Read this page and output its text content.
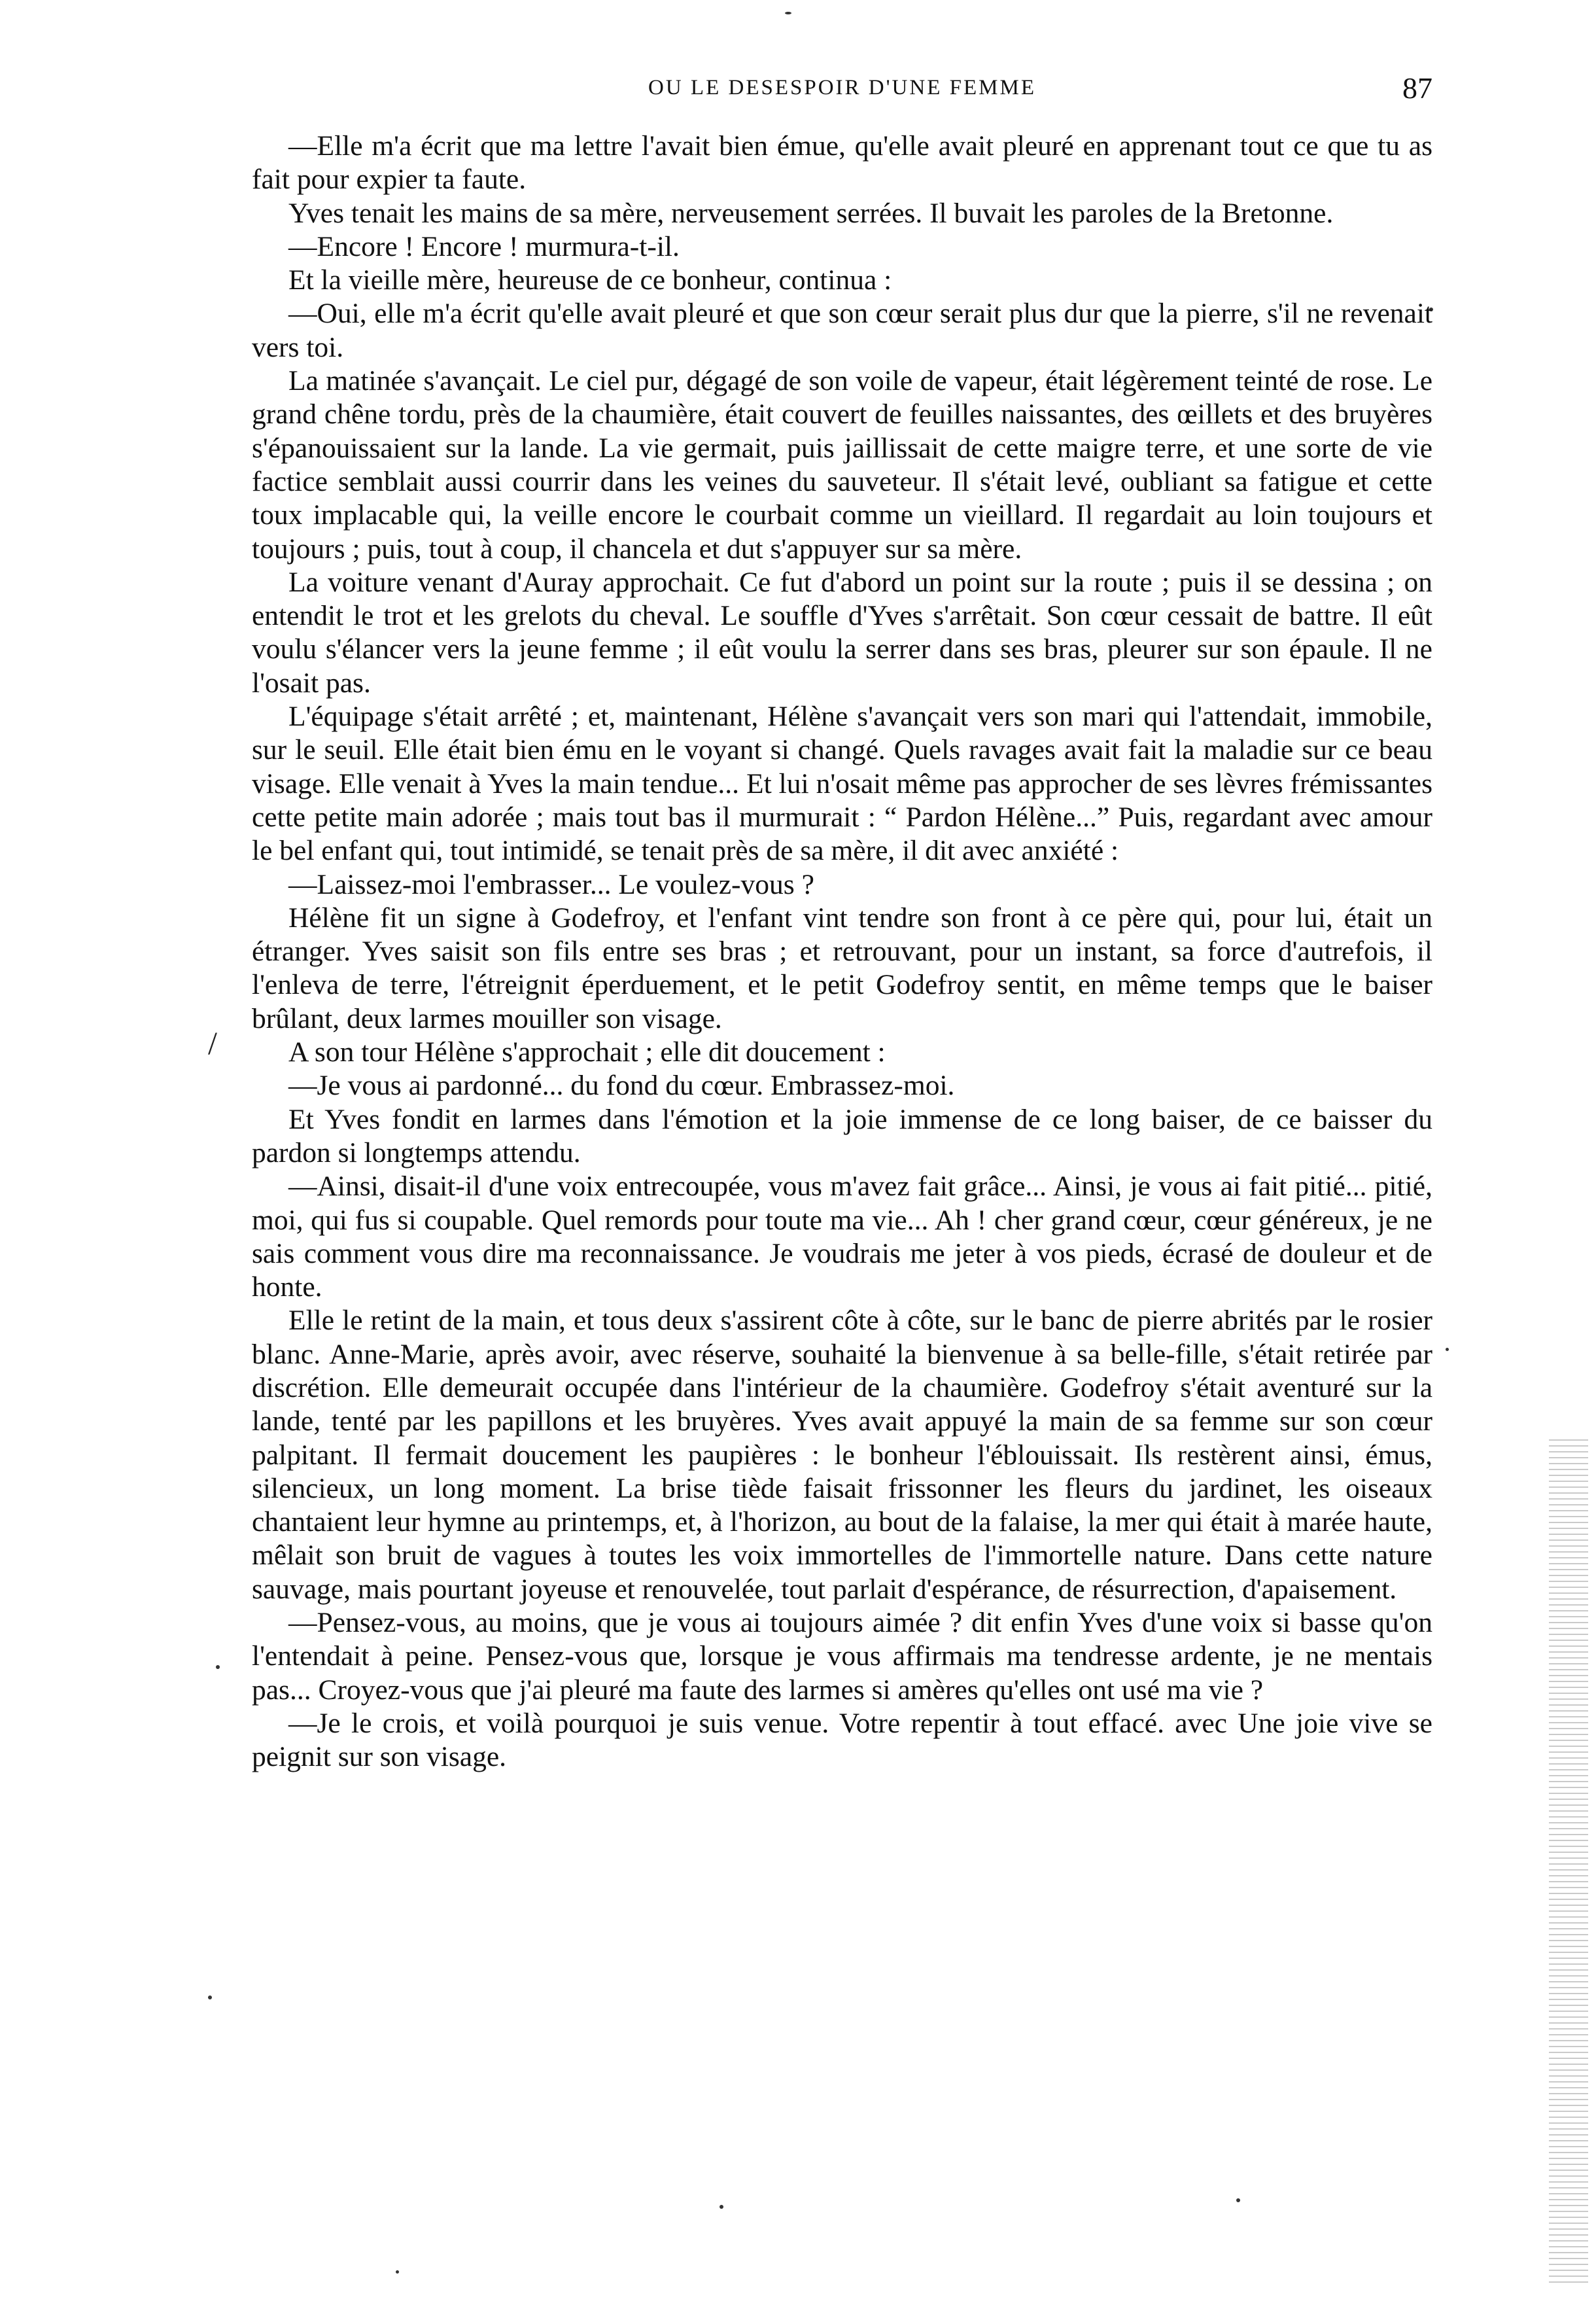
OU LE DESESPOIR D'UNE FEMME	87
/

—Elle m'a écrit que ma lettre l'avait bien émue, qu'elle avait pleuré en apprenant tout ce que tu as fait pour expier ta faute.

Yves tenait les mains de sa mère, nerveusement serrées. Il buvait les paroles de la Bretonne.

—Encore ! Encore ! murmura-t-il.

Et la vieille mère, heureuse de ce bonheur, continua :

—Oui, elle m'a écrit qu'elle avait pleuré et que son cœur serait plus dur que la pierre, s'il ne revenait vers toi.

La matinée s'avançait. Le ciel pur, dégagé de son voile de vapeur, était légèrement teinté de rose. Le grand chêne tordu, près de la chaumière, était couvert de feuilles naissantes, des œillets et des bruyères s'épanouissaient sur la lande. La vie germait, puis jaillissait de cette maigre terre, et une sorte de vie factice semblait aussi courrir dans les veines du sauveteur. Il s'était levé, oubliant sa fatigue et cette toux implacable qui, la veille encore le courbait comme un vieillard. Il regardait au loin toujours et toujours ; puis, tout à coup, il chancela et dut s'appuyer sur sa mère.

La voiture venant d'Auray approchait. Ce fut d'abord un point sur la route ; puis il se dessina ; on entendit le trot et les grelots du cheval. Le souffle d'Yves s'arrêtait. Son cœur cessait de battre. Il eût voulu s'élancer vers la jeune femme ; il eût voulu la serrer dans ses bras, pleurer sur son épaule. Il ne l'osait pas.

L'équipage s'était arrêté ; et, maintenant, Hélène s'avançait vers son mari qui l'attendait, immobile, sur le seuil. Elle était bien ému en le voyant si changé. Quels ravages avait fait la maladie sur ce beau visage. Elle venait à Yves la main tendue... Et lui n'osait même pas approcher de ses lèvres frémissantes cette petite main adorée ; mais tout bas il murmurait : “ Pardon Hélène...” Puis, regardant avec amour le bel enfant qui, tout intimidé, se tenait près de sa mère, il dit avec anxiété :

—Laissez-moi l'embrasser... Le voulez-vous ?

Hélène fit un signe à Godefroy, et l'enfant vint tendre son front à ce père qui, pour lui, était un étranger. Yves saisit son fils entre ses bras ; et retrouvant, pour un instant, sa force d'autrefois, il l'enleva de terre, l'étreignit éperduement, et le petit Godefroy sentit, en même temps que le baiser brûlant, deux larmes mouiller son visage.

A son tour Hélène s'approchait ; elle dit doucement :

—Je vous ai pardonné... du fond du cœur. Embrassez-moi.

Et Yves fondit en larmes dans l'émotion et la joie immense de ce long baiser, de ce baisser du pardon si longtemps attendu.

—Ainsi, disait-il d'une voix entrecoupée, vous m'avez fait grâce... Ainsi, je vous ai fait pitié... pitié, moi, qui fus si coupable. Quel remords pour toute ma vie... Ah ! cher grand cœur, cœur généreux, je ne sais comment vous dire ma reconnaissance. Je voudrais me jeter à vos pieds, écrasé de douleur et de honte.

Elle le retint de la main, et tous deux s'assirent côte à côte, sur le banc de pierre abrités par le rosier blanc. Anne-Marie, après avoir, avec réserve, souhaité la bienvenue à sa belle-fille, s'était retirée par discrétion. Elle demeurait occupée dans l'intérieur de la chaumière. Godefroy s'était aventuré sur la lande, tenté par les papillons et les bruyères. Yves avait appuyé la main de sa femme sur son cœur palpitant. Il fermait doucement les paupières : le bonheur l'éblouissait. Ils restèrent ainsi, émus, silencieux, un long moment. La brise tiède faisait frissonner les fleurs du jardinet, les oiseaux chantaient leur hymne au printemps, et, à l'horizon, au bout de la falaise, la mer qui était à marée haute, mêlait son bruit de vagues à toutes les voix immortelles de l'immortelle nature. Dans cette nature sauvage, mais pourtant joyeuse et renouvelée, tout parlait d'espérance, de résurrection, d'apaisement.

—Pensez-vous, au moins, que je vous ai toujours aimée ? dit enfin Yves d'une voix si basse qu'on l'entendait à peine. Pensez-vous que, lorsque je vous affirmais ma tendresse ardente, je ne mentais pas... Croyez-vous que j'ai pleuré ma faute des larmes si amères qu'elles ont usé ma vie ?

—Je le crois, et voilà pourquoi je suis venue. Votre repentir à tout effacé. avec Une joie vive se peignit sur son visage.
